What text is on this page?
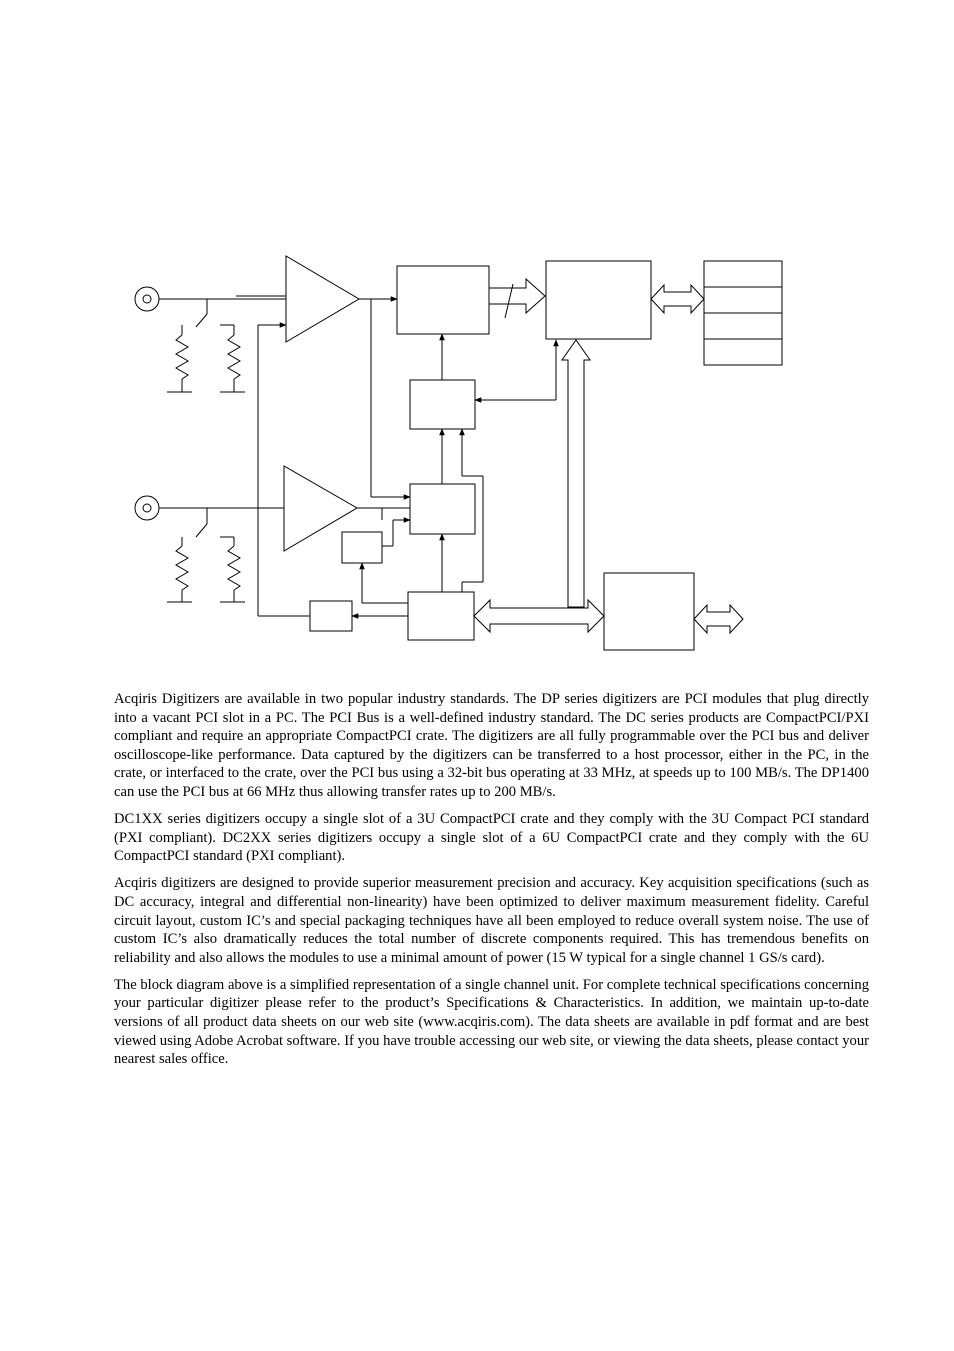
Acqiris Digitizers are available in two popular industry standards. The DP series digitizers are PCI modules that plug directly into a vacant PCI slot in a PC. The PCI Bus is a well-defined industry standard. The DC series products are CompactPCI/PXI compliant and require an appropriate CompactPCI crate. The digitizers are all fully programmable over the PCI bus and deliver oscilloscope-like performance. Data captured by the digitizers can be transferred to a host processor, either in the PC, in the crate, or interfaced to the crate, over the PCI bus using a 32-bit bus operating at 33 MHz, at speeds up to 100 MB/s. The DP1400 can use the PCI bus at 66 MHz thus allowing transfer rates up to 200 MB/s.

DC1XX series digitizers occupy a single slot of a 3U CompactPCI crate and they comply with the 3U Compact PCI standard (PXI compliant). DC2XX series digitizers occupy a single slot of a 6U CompactPCI crate and they comply with the 6U CompactPCI standard (PXI compliant).

Acqiris digitizers are designed to provide superior measurement precision and accuracy. Key acquisition specifications (such as DC accuracy, integral and differential non-linearity) have been optimized to deliver maximum measurement fidelity. Careful circuit layout, custom IC’s and special packaging techniques have all been employed to reduce overall system noise. The use of custom IC’s also dramatically reduces the total number of discrete components required. This has tremendous benefits on reliability and also allows the modules to use a minimal amount of power (15 W typical for a single channel 1 GS/s card).

The block diagram above is a simplified representation of a single channel unit. For complete technical specifications concerning your particular digitizer please refer to the product’s Specifications & Characteristics. In addition, we maintain up-to-date versions of all product data sheets on our web site (www.acqiris.com). The data sheets are available in pdf format and are best viewed using Adobe Acrobat software. If you have trouble accessing our web site, or viewing the data sheets, please contact your nearest sales office.
